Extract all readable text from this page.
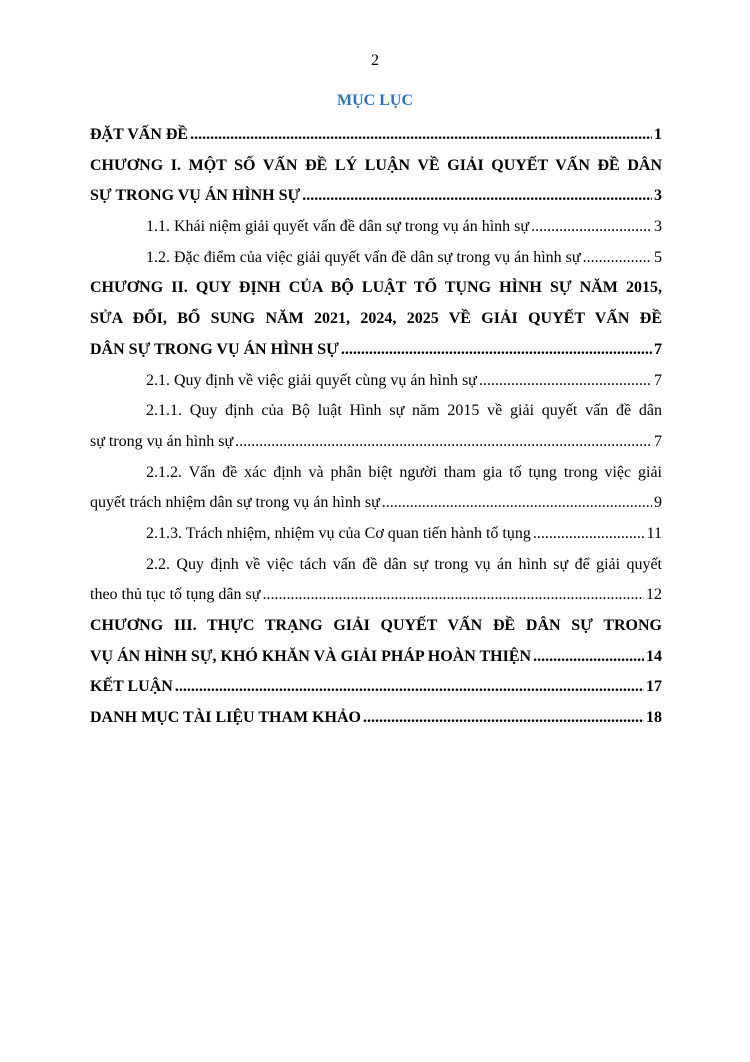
2
MỤC LỤC
ĐẶT VẤN ĐỀ .....	1
CHƯƠNG I. MỘT SỐ VẤN ĐỀ LÝ LUẬN VỀ GIẢI QUYẾT VẤN ĐỀ DÂN
SỰ TRONG VỤ ÁN HÌNH SỰ .....	3
1.1. Khái niệm giải quyết vấn đề dân sự trong vụ án hình sự .....	3
1.2. Đặc điểm của việc giải quyết vấn đề dân sự trong vụ án hình sự .....	5
CHƯƠNG II. QUY ĐỊNH CỦA BỘ LUẬT TỐ TỤNG HÌNH SỰ NĂM 2015,
SỬA ĐỔI, BỔ SUNG NĂM 2021, 2024, 2025 VỀ GIẢI QUYẾT VẤN ĐỀ
DÂN SỰ TRONG VỤ ÁN HÌNH SỰ .....	7
2.1. Quy định về việc giải quyết cùng vụ án hình sự .....	7
2.1.1. Quy định của Bộ luật Hình sự năm 2015 về giải quyết vấn đề dân
sự trong vụ án hình sự .....	7
2.1.2. Vấn đề xác định và phân biệt người tham gia tố tụng trong việc giải
quyết trách nhiệm dân sự trong vụ án hình sự .....	9
2.1.3. Trách nhiệm, nhiệm vụ của Cơ quan tiến hành tố tụng .....	11
2.2. Quy định về việc tách vấn đề dân sự trong vụ án hình sự để giải quyết
theo thủ tục tố tụng dân sự .....	12
CHƯƠNG III. THỰC TRẠNG GIẢI QUYẾT VẤN ĐỀ DÂN SỰ TRONG
VỤ ÁN HÌNH SỰ, KHÓ KHĂN VÀ GIẢI PHÁP HOÀN THIỆN .....	14
KẾT LUẬN .....	17
DANH MỤC TÀI LIỆU THAM KHẢO .....	18
